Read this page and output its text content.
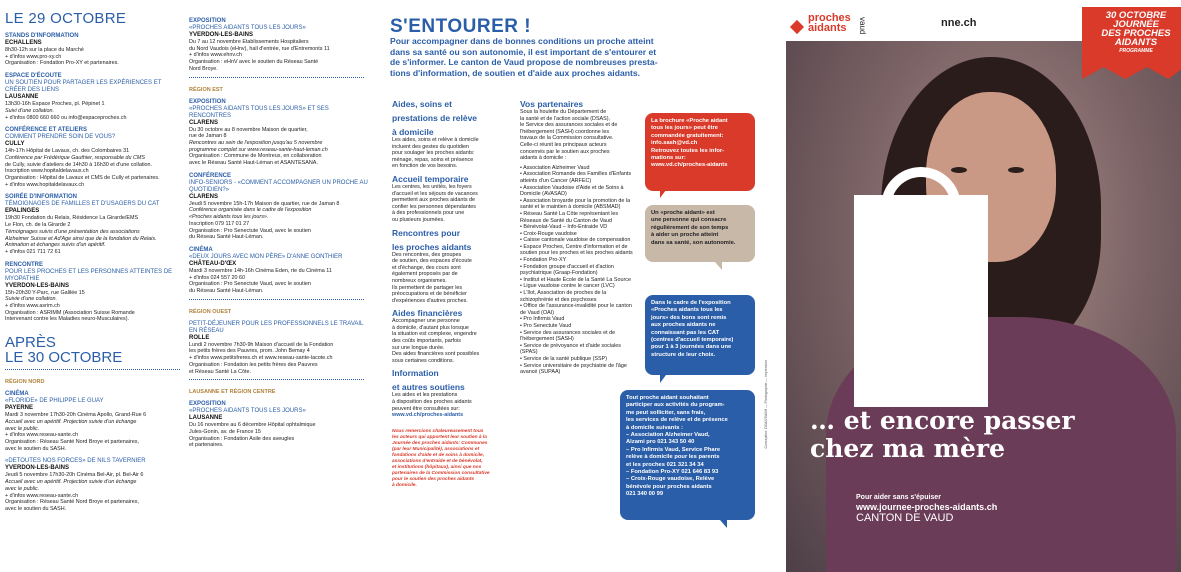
LE 29 OCTOBRE
STANDS D'INFORMATION
ECHALLENS
8h30-12h sur la place du Marché
+ d'infos www.pro-xy.ch
Organisation : Fondation Pro-XY et partenaires.
ESPACE D'ÉCOUTE
UN SOUTIEN POUR PARTAGER LES EXPÉRIENCES ET CRÉER DES LIENS
LAUSANNE
13h30-16h Espace Proches, pl. Pépinet 1
Suivi d'une collation.
+ d'infos 0800 660 660 ou info@espaceproches.ch
CONFÉRENCE ET ATELIERS
COMMENT PRENDRE SOIN DE VOUS?
CULLY
14h-17h Hôpital de Lavaux, ch. des Colombaires 31
Conférence par Frédérique Gauthier, responsable du CMS
de Cully, suivie d'ateliers de 14h30 à 16h30 et d'une collation.
Inscription www.hopitaldelavaux.ch
Organisation : Hôpital de Lavaux et CMS de Cully et partenaires.
+ d'infos www.hopitaldelavaux.ch
SOIRÉE D'INFORMATION
TÉMOIGNAGES DE FAMILLES ET D'USAGERS DU CAT
EPALINGES
19h30 Fondation du Relais, Résidence La Girarde/EMS
Le Flon, ch. de la Girarde 2
Témoignages suivis d'une présentation des associations
Alzheimer Suisse et Ad'Age ainsi que de la fondation du Relais.
Animation et échanges suivis d'un apéritif.
+ d'infos 021 711 72 61
RENCONTRE
POUR LES PROCHES ET LES PERSONNES ATTEINTES DE MYOPATHIE
YVERDON-LES-BAINS
15h-20h30 Y-Parc, rue Galilée 15
Suivie d'une collation.
+ d'infos www.asrim.ch
Organisation : ASRIMM (Association Suisse Romande
Intervenant contre les Maladies neuro-Musculaires).
APRÈS
LE 30 OCTOBRE
RÉGION NORD
CINÉMA
«FLORIDE» DE PHILIPPE LE GUAY
PAYERNE
Mardi 3 novembre 17h30-20h Cinéma Apollo, Grand-Rue 6
Accueil avec un apéritif. Projection suivie d'un échange
avec le public.
+ d'infos www.reseau-sante.ch
Organisation : Réseau Santé Nord Broye et partenaires,
avec le soutien du SASH.
«DETOUTES NOS FORCES» DE NILS TAVERNIER
YVERDON-LES-BAINS
Jeudi 5 novembre 17h30-20h Cinéma Bel-Air, pl. Bel-Air 6
Accueil avec un apéritif. Projection suivie d'un échange
avec le public.
+ d'infos www.reseau-sante.ch
Organisation : Réseau Santé Nord Broye et partenaires,
avec le soutien du SASH.
EXPOSITION
«PROCHES AIDANTS TOUS LES JOURS»
YVERDON-LES-BAINS
Du 7 au 12 novembre Établissements Hospitaliers
du Nord Vaudois (eHnv), hall d'entrée, rue d'Entremonts 11
+ d'infos www.ehnv.ch
Organisation : eHnV avec le soutien du Réseau Santé
Nord Broye.
RÉGION EST
EXPOSITION
«PROCHES AIDANTS TOUS LES JOURS» ET SES RENCONTRES
CLARENS
Du 30 octobre au 8 novembre Maison de quartier,
rue de Jaman 8
Rencontres au sein de l'exposition jusqu'au 5 novembre
programme complet sur www.reseau-sante-haut-leman.ch
Organisation : Commune de Montreux, en collaboration
avec le Réseau Santé Haut-Léman et ASANTESANA.
CONFÉRENCE
INFO-SENIORS - «COMMENT ACCOMPAGNER UN PROCHE AU QUOTIDIEN?»
CLARENS
Jeudi 5 novembre 15h-17h Maison de quartier, rue de Jaman 8
Conférence organisée dans le cadre de l'exposition
«Proches aidants tous les jours».
Inscription 079 117 01 27
Organisation : Pro Senectute Vaud, avec le soutien
du Réseau Santé Haut-Léman.
CINÉMA
«DEUX JOURS AVEC MON PÈRE» D'ANNE GONTHIER
CHÂTEAU-D'ŒX
Mardi 3 novembre 14h-16h Cinéma Eden, rte du Cinéma 11
+ d'infos 024 557 20 60
Organisation : Pro Senectute Vaud, avec le soutien
du Réseau Santé Haut-Léman.
RÉGION OUEST
PETIT-DÉJEUNER POUR LES PROFESSIONNELS LE TRAVAIL EN RÉSEAU
ROLLE
Lundi 2 novembre 7h30-9h Maison d'accueil de la Fondation
les petits frères des Pauvres, prom. John Bemay 4
+ d'infos www.petitsfreres.ch et www.reseau-sante-lacote.ch
Organisation : Fondation les petits frères des Pauvres
et Réseau Santé La Côte.
LAUSANNE ET RÉGION CENTRE
EXPOSITION
«PROCHES AIDANTS TOUS LES JOURS»
LAUSANNE
Du 16 novembre au 6 décembre Hôpital ophtalmique
Jules-Gonin, av. de France 15
Organisation : Fondation Asile des aveugles
et partenaires.
S'ENTOURER !
Pour accompagner dans de bonnes conditions un proche atteint
dans sa santé ou son autonomie, il est important de s'entourer et
de s'informer. Le canton de Vaud propose de nombreuses presta-
tions d'information, de soutien et d'aide aux proches aidants.
Aides, soins et
prestations de relève
à domicile
Les aides, soins et relève à domicile
incluent des gestes du quotidien
pour soulager les proches aidants:
ménage, repas, soins et présence
en fonction de vos besoins.
Accueil temporaire
Les centres, les unités, les foyers
d'accueil et les séjours de vacances
permettent aux proches aidants de
confier les personnes dépendantes
à des professionnels pour une
ou plusieurs journées.
Rencontres pour
les proches aidants
Des rencontres, des groupes
de soutien, des espaces d'écoute
et d'échange, des cours sont
également proposés par de
nombreux organismes.
Ils permettent de partager les
préoccupations et de bénéficier
d'expériences d'autres proches.
Aides financières
Accompagner une personne
à domicile, d'autant plus lorsque
la situation est complexe, engendre
des coûts importants, parfois
sur une longue durée.
Des aides financières sont possibles
sous certaines conditions.
Information
et autres soutiens
Les aides et les prestations
à disposition des proches aidants
peuvent être consultées sur:
www.vd.ch/proches-aidants
Nous remercions chaleureusement tous
les acteurs qui apportent leur soutien à la
Journée des proches aidants: Communes
(par leur Municipalité), associations et
fondations d'aide et de soins à domicile,
associations d'entraide et de bénévolat,
et institutions (hôpitaux), ainsi que nos
partenaires de la Commission consultative
pour le soutien des proches aidants
à domicile.
Vos partenaires
Sous la houlette du Département de
la santé et de l'action sociale (DSAS),
le Service des assurances sociales et de
l'hébergement (SASH) coordonne les
travaux de la Commission consultative.
Celle-ci réunit les principaux acteurs
concernés par le soutien aux proches
aidants à domicile :
• Association Alzheimer Vaud
• Association Romande des Familles d'Enfants atteints d'un Cancer (ARFEC)
• Association Vaudoise d'Aide et de Soins à Domicile (AVASAD)
• Association broyarde pour la promotion de la santé et le maintien à domicile (ABSMAD)
• Réseau Santé La Côte représentant les Réseaux de Santé du Canton de Vaud
• Bénévolat-Vaud – Info-Entraide VD
• Croix-Rouge vaudoise
• Caisse cantonale vaudoise de compensation
• Espace Proches, Centre d'information et de soutien pour les proches et les proches aidants
• Fondation Pro-XY
• Fondation groupe d'accueil et d'action psychiatrique (Graap-Fondation)
• Institut et Haute École de la Santé La Source
• Ligue vaudoise contre le cancer (LVC)
• L'Ilot, Association de proches de la schizophrénie et des psychoses
• Office de l'assurance-invalidité pour le canton de Vaud (OAI)
• Pro Infirmis Vaud
• Pro Senectute Vaud
• Service des assurances sociales et de l'hébergement (SASH)
• Service de prévoyance et d'aide sociales (SPAS)
• Service de la santé publique (SSP)
• Service universitaire de psychiatrie de l'âge avancé (SUPAA)
La brochure «Proche aidant
tous les jours» peut être
commandée gratuitement:
info.sash@vd.ch
Retrouvez toutes les infor-
mations sur:
www.vd.ch/proches-aidants
Un «proche aidant» est
une personne qui consacre
régulièrement de son temps
à aider un proche atteint
dans sa santé, son autonomie.
Dans le cadre de l'exposition
«Proches aidants tous les
jours» des bons sont remis
aux proches aidants ne
connaissant pas les CAT
(centres d'accueil temporaire)
pour 1 à 3 journées dans une
structure de leur choix.
Tout proche aidant souhaitant
participer aux activités du program-
me peut solliciter, sans frais,
les services de relève et de présence
à domicile suivants :
– Association Alzheimer Vaud,
Alzami pro 021 343 50 40
– Pro Infirmis Vaud, Service Phare
relève à domicile pour les parents
et les proches 021 321 34 34
– Fondation Pro-XY 021 646 83 93
– Croix-Rouge vaudoise, Relève
bénévole pour proches aidants
021 340 00 99
Conception: DSAS/SASH — Photographie — Impression
proches
aidants	vaud	nne.ch
30 OCTOBRE
JOURNÉE
DES PROCHES
AIDANTS
PROGRAMME
… et encore passer
chez ma mère
Pour aider sans s'épuiser
www.journee-proches-aidants.ch
CANTON DE VAUD
